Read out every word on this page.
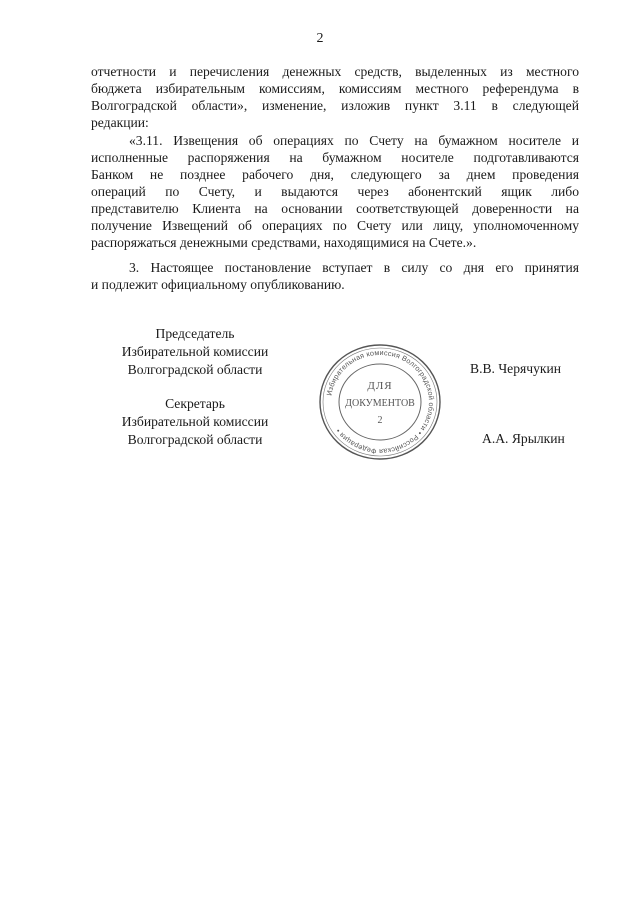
2
отчетности и перечисления денежных средств, выделенных из местного
бюджета избирательным комиссиям, комиссиям местного референдума в
Волгоградской области», изменение, изложив пункт 3.11 в следующей
редакции:
«3.11. Извещения об операциях по Счету на бумажном носителе и
исполненные распоряжения на бумажном носителе подготавливаются
Банком не позднее рабочего дня, следующего за днем проведения
операций по Счету, и выдаются через абонентский ящик либо
представителю Клиента на основании соответствующей доверенности на
получение Извещений об операциях по Счету или лицу, уполномоченному
распоряжаться денежными средствами, находящимися на Счете.».
3. Настоящее постановление вступает в силу со дня его принятия
и подлежит официальному опубликованию.
Председатель
Избирательной комиссии
Волгоградской области	В.В. Черячукин
Секретарь
Избирательной комиссии
Волгоградской области	А.А. Ярылкин
Избирательная комиссия Волгоградской области • Российская Федерация •
ДЛЯ
ДОКУМЕНТОВ
2
